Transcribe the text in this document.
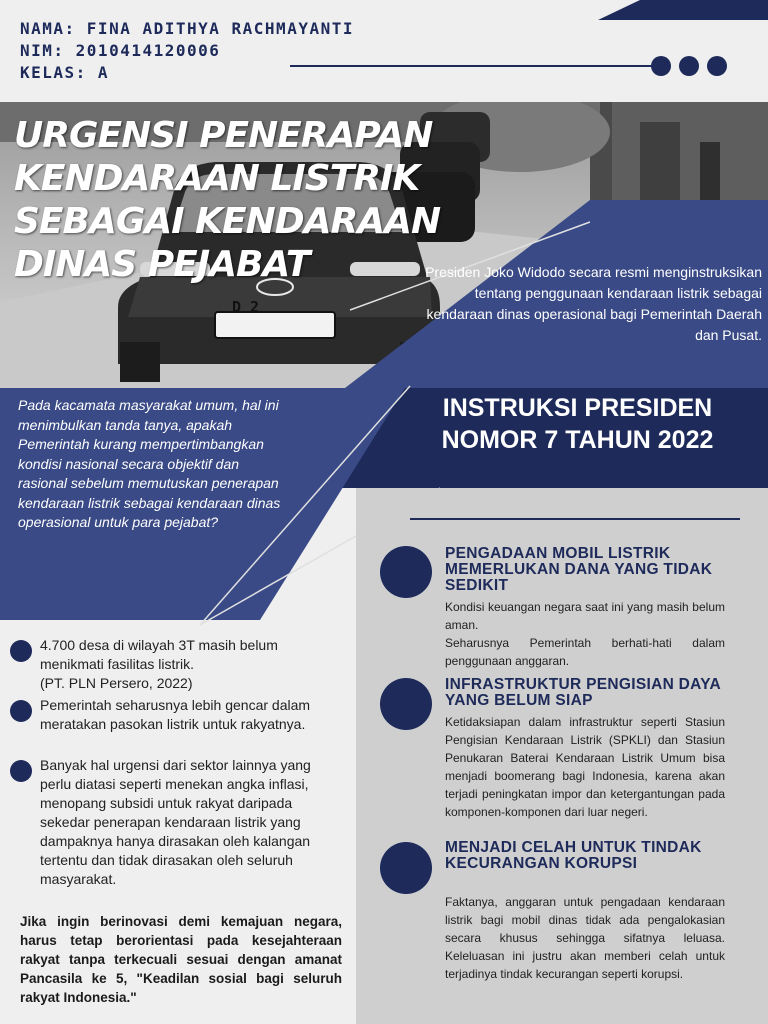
NAMA: FINA ADITHYA RACHMAYANTI
NIM: 2010414120006
KELAS: A
D 2
URGENSI PENERAPAN KENDARAAN LISTRIK SEBAGAI KENDARAAN DINAS PEJABAT	Presiden Joko Widodo secara resmi menginstruksikan tentang penggunaan kendaraan listrik sebagai kendaraan dinas operasional bagi Pemerintah Daerah dan Pusat.
INSTRUKSI PRESIDEN
NOMOR 7 TAHUN 2022
Pada kacamata masyarakat umum, hal ini menimbulkan tanda tanya, apakah Pemerintah kurang mempertimbangkan kondisi nasional secara objektif dan rasional sebelum memutuskan penerapan kendaraan listrik sebagai kendaraan dinas operasional untuk para pejabat?
4.700 desa di wilayah 3T masih belum menikmati fasilitas listrik.
(PT. PLN Persero, 2022)
Pemerintah seharusnya lebih gencar dalam meratakan pasokan listrik untuk rakyatnya.
Banyak hal urgensi dari sektor lainnya yang perlu diatasi seperti menekan angka inflasi, menopang subsidi untuk rakyat daripada sekedar penerapan kendaraan listrik yang dampaknya hanya dirasakan oleh kalangan tertentu dan tidak dirasakan oleh seluruh masyarakat.
Jika ingin berinovasi demi kemajuan negara, harus tetap berorientasi pada kesejahteraan rakyat tanpa terkecuali sesuai dengan amanat Pancasila ke 5, "Keadilan sosial bagi seluruh rakyat Indonesia."
PENGADAAN MOBIL LISTRIK MEMERLUKAN DANA YANG TIDAK SEDIKIT
Kondisi keuangan negara saat ini yang masih belum aman.
Seharusnya Pemerintah berhati-hati dalam penggunaan anggaran.
INFRASTRUKTUR PENGISIAN DAYA YANG BELUM SIAP
Ketidaksiapan dalam infrastruktur seperti Stasiun Pengisian Kendaraan Listrik (SPKLI) dan Stasiun Penukaran Baterai Kendaraan Listrik Umum bisa menjadi boomerang bagi Indonesia, karena akan terjadi peningkatan impor dan ketergantungan pada komponen-komponen dari luar negeri.
MENJADI CELAH UNTUK TINDAK KECURANGAN KORUPSI
Faktanya, anggaran untuk pengadaan kendaraan listrik bagi mobil dinas tidak ada pengalokasian secara khusus sehingga sifatnya leluasa. Keleluasan ini justru akan memberi celah untuk terjadinya tindak kecurangan seperti korupsi.
